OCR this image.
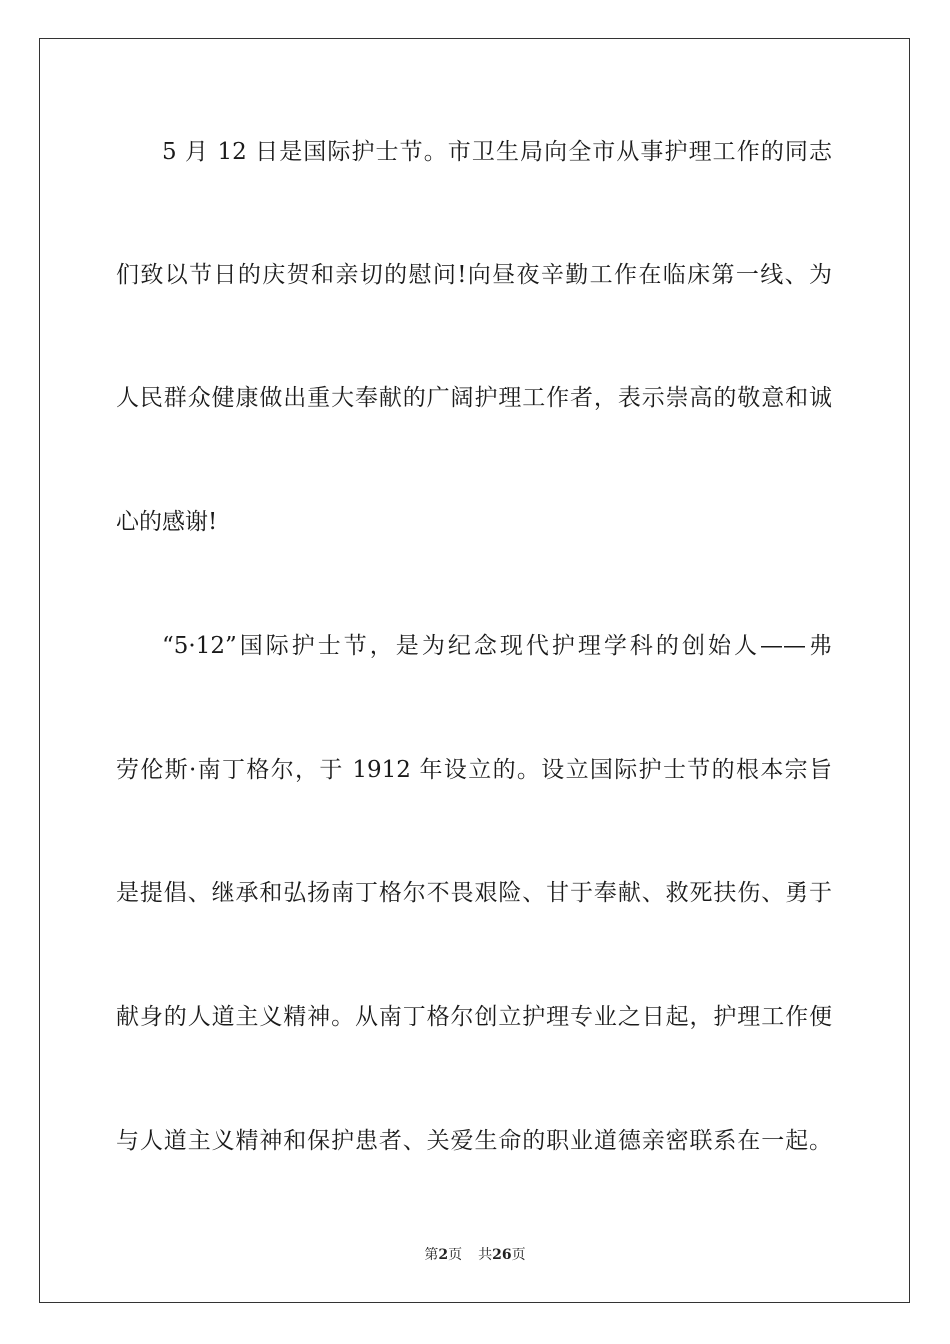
5 月 12 日是国际护士节。市卫生局向全市从事护理工作的同志
们致以节日的庆贺和亲切的慰问!向昼夜辛勤工作在临床第一线、为
人民群众健康做出重大奉献的广阔护理工作者，表示崇高的敬意和诚
心的感谢!
“5·12”国际护士节，是为纪念现代护理学科的创始人——弗
劳伦斯·南丁格尔，于 1912 年设立的。设立国际护士节的根本宗旨
是提倡、继承和弘扬南丁格尔不畏艰险、甘于奉献、救死扶伤、勇于
献身的人道主义精神。从南丁格尔创立护理专业之日起，护理工作便
与人道主义精神和保护患者、关爱生命的职业道德亲密联系在一起。
第2页 共26页
